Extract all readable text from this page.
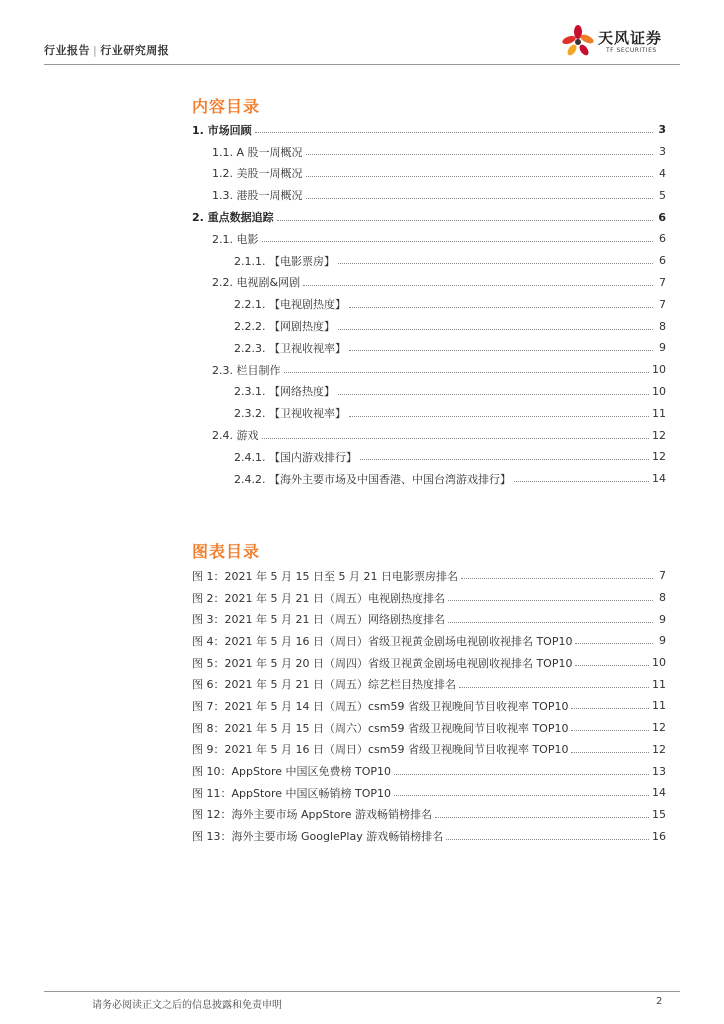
行业报告 | 行业研究周报
天风证券
TF SECURITIES
内容目录
1. 市场回顾	3
1.1. A 股一周概况	3
1.2. 美股一周概况	4
1.3. 港股一周概况	5
2. 重点数据追踪	6
2.1. 电影	6
2.1.1. 【电影票房】	6
2.2. 电视剧&网剧	7
2.2.1. 【电视剧热度】	7
2.2.2. 【网剧热度】	8
2.2.3. 【卫视收视率】	9
2.3. 栏目制作	10
2.3.1. 【网络热度】	10
2.3.2. 【卫视收视率】	11
2.4. 游戏	12
2.4.1. 【国内游戏排行】	12
2.4.2. 【海外主要市场及中国香港、中国台湾游戏排行】	14
图表目录
图 1：2021 年 5 月 15 日至 5 月 21 日电影票房排名	7
图 2：2021 年 5 月 21 日（周五）电视剧热度排名	8
图 3：2021 年 5 月 21 日（周五）网络剧热度排名	9
图 4：2021 年 5 月 16 日（周日）省级卫视黄金剧场电视剧收视排名 TOP10	9
图 5：2021 年 5 月 20 日（周四）省级卫视黄金剧场电视剧收视排名 TOP10	10
图 6：2021 年 5 月 21 日（周五）综艺栏目热度排名	11
图 7：2021 年 5 月 14 日（周五）csm59 省级卫视晚间节目收视率 TOP10	11
图 8：2021 年 5 月 15 日（周六）csm59 省级卫视晚间节目收视率 TOP10	12
图 9：2021 年 5 月 16 日（周日）csm59 省级卫视晚间节目收视率 TOP10	12
图 10：AppStore 中国区免费榜 TOP10	13
图 11：AppStore 中国区畅销榜 TOP10	14
图 12：海外主要市场 AppStore 游戏畅销榜排名	15
图 13：海外主要市场 GooglePlay 游戏畅销榜排名	16
请务必阅读正文之后的信息披露和免责申明	2
